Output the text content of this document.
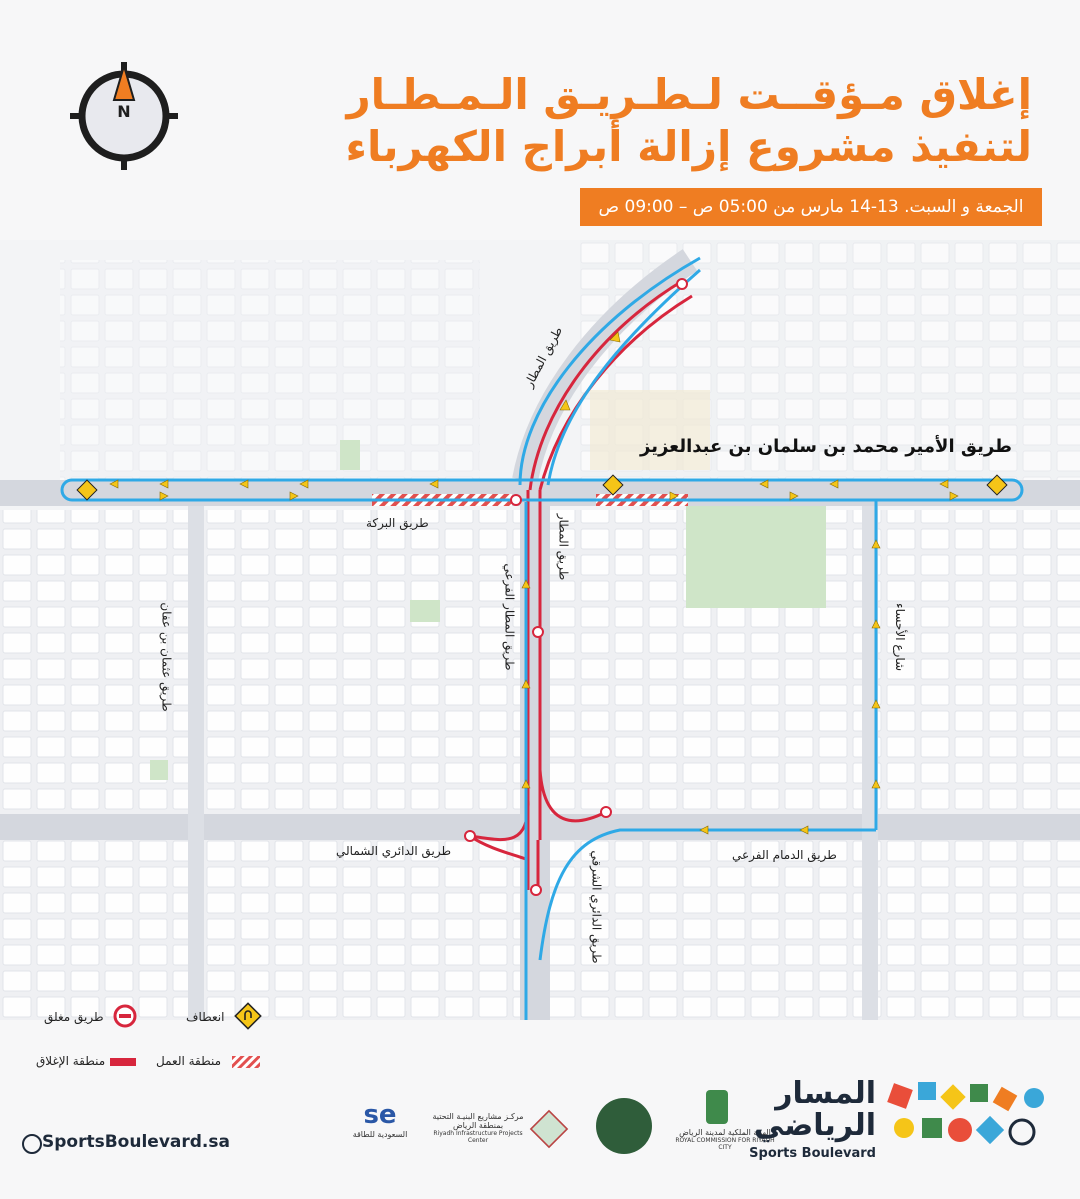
N	إغلاق مـؤقــت لـطـريـق الـمـطـار
لتنفيذ مشروع إزالة أبراج الكهرباء
الجمعة و السبت. 13-14 مارس من 05:00 ص – 09:00 ص
طريق المطار
طريق الأمير محمد بن سلمان بن عبدالعزيز
طريق البركة	طريق المطار
طريق المطار الفرعي
طريق عثمان بن عفان	شارع الأحساء
طريق الدائري الشمالي	طريق الدمام الفرعي
طريق الدائري الشرقي
طريق مغلق	انعطاف
منطقة الإغلاق	منطقة العمل
SportsBoulevard.sa
se
السعودية للطاقة
مركـز مشاريع البنيـة التحتية بمنطقة الرياض
Riyadh Infrastructure Projects Center
الهيئة الملكية لمدينة الرياض
ROYAL COMMISSION FOR RIYADH CITY
المسار
الرياضي
Sports Boulevard
